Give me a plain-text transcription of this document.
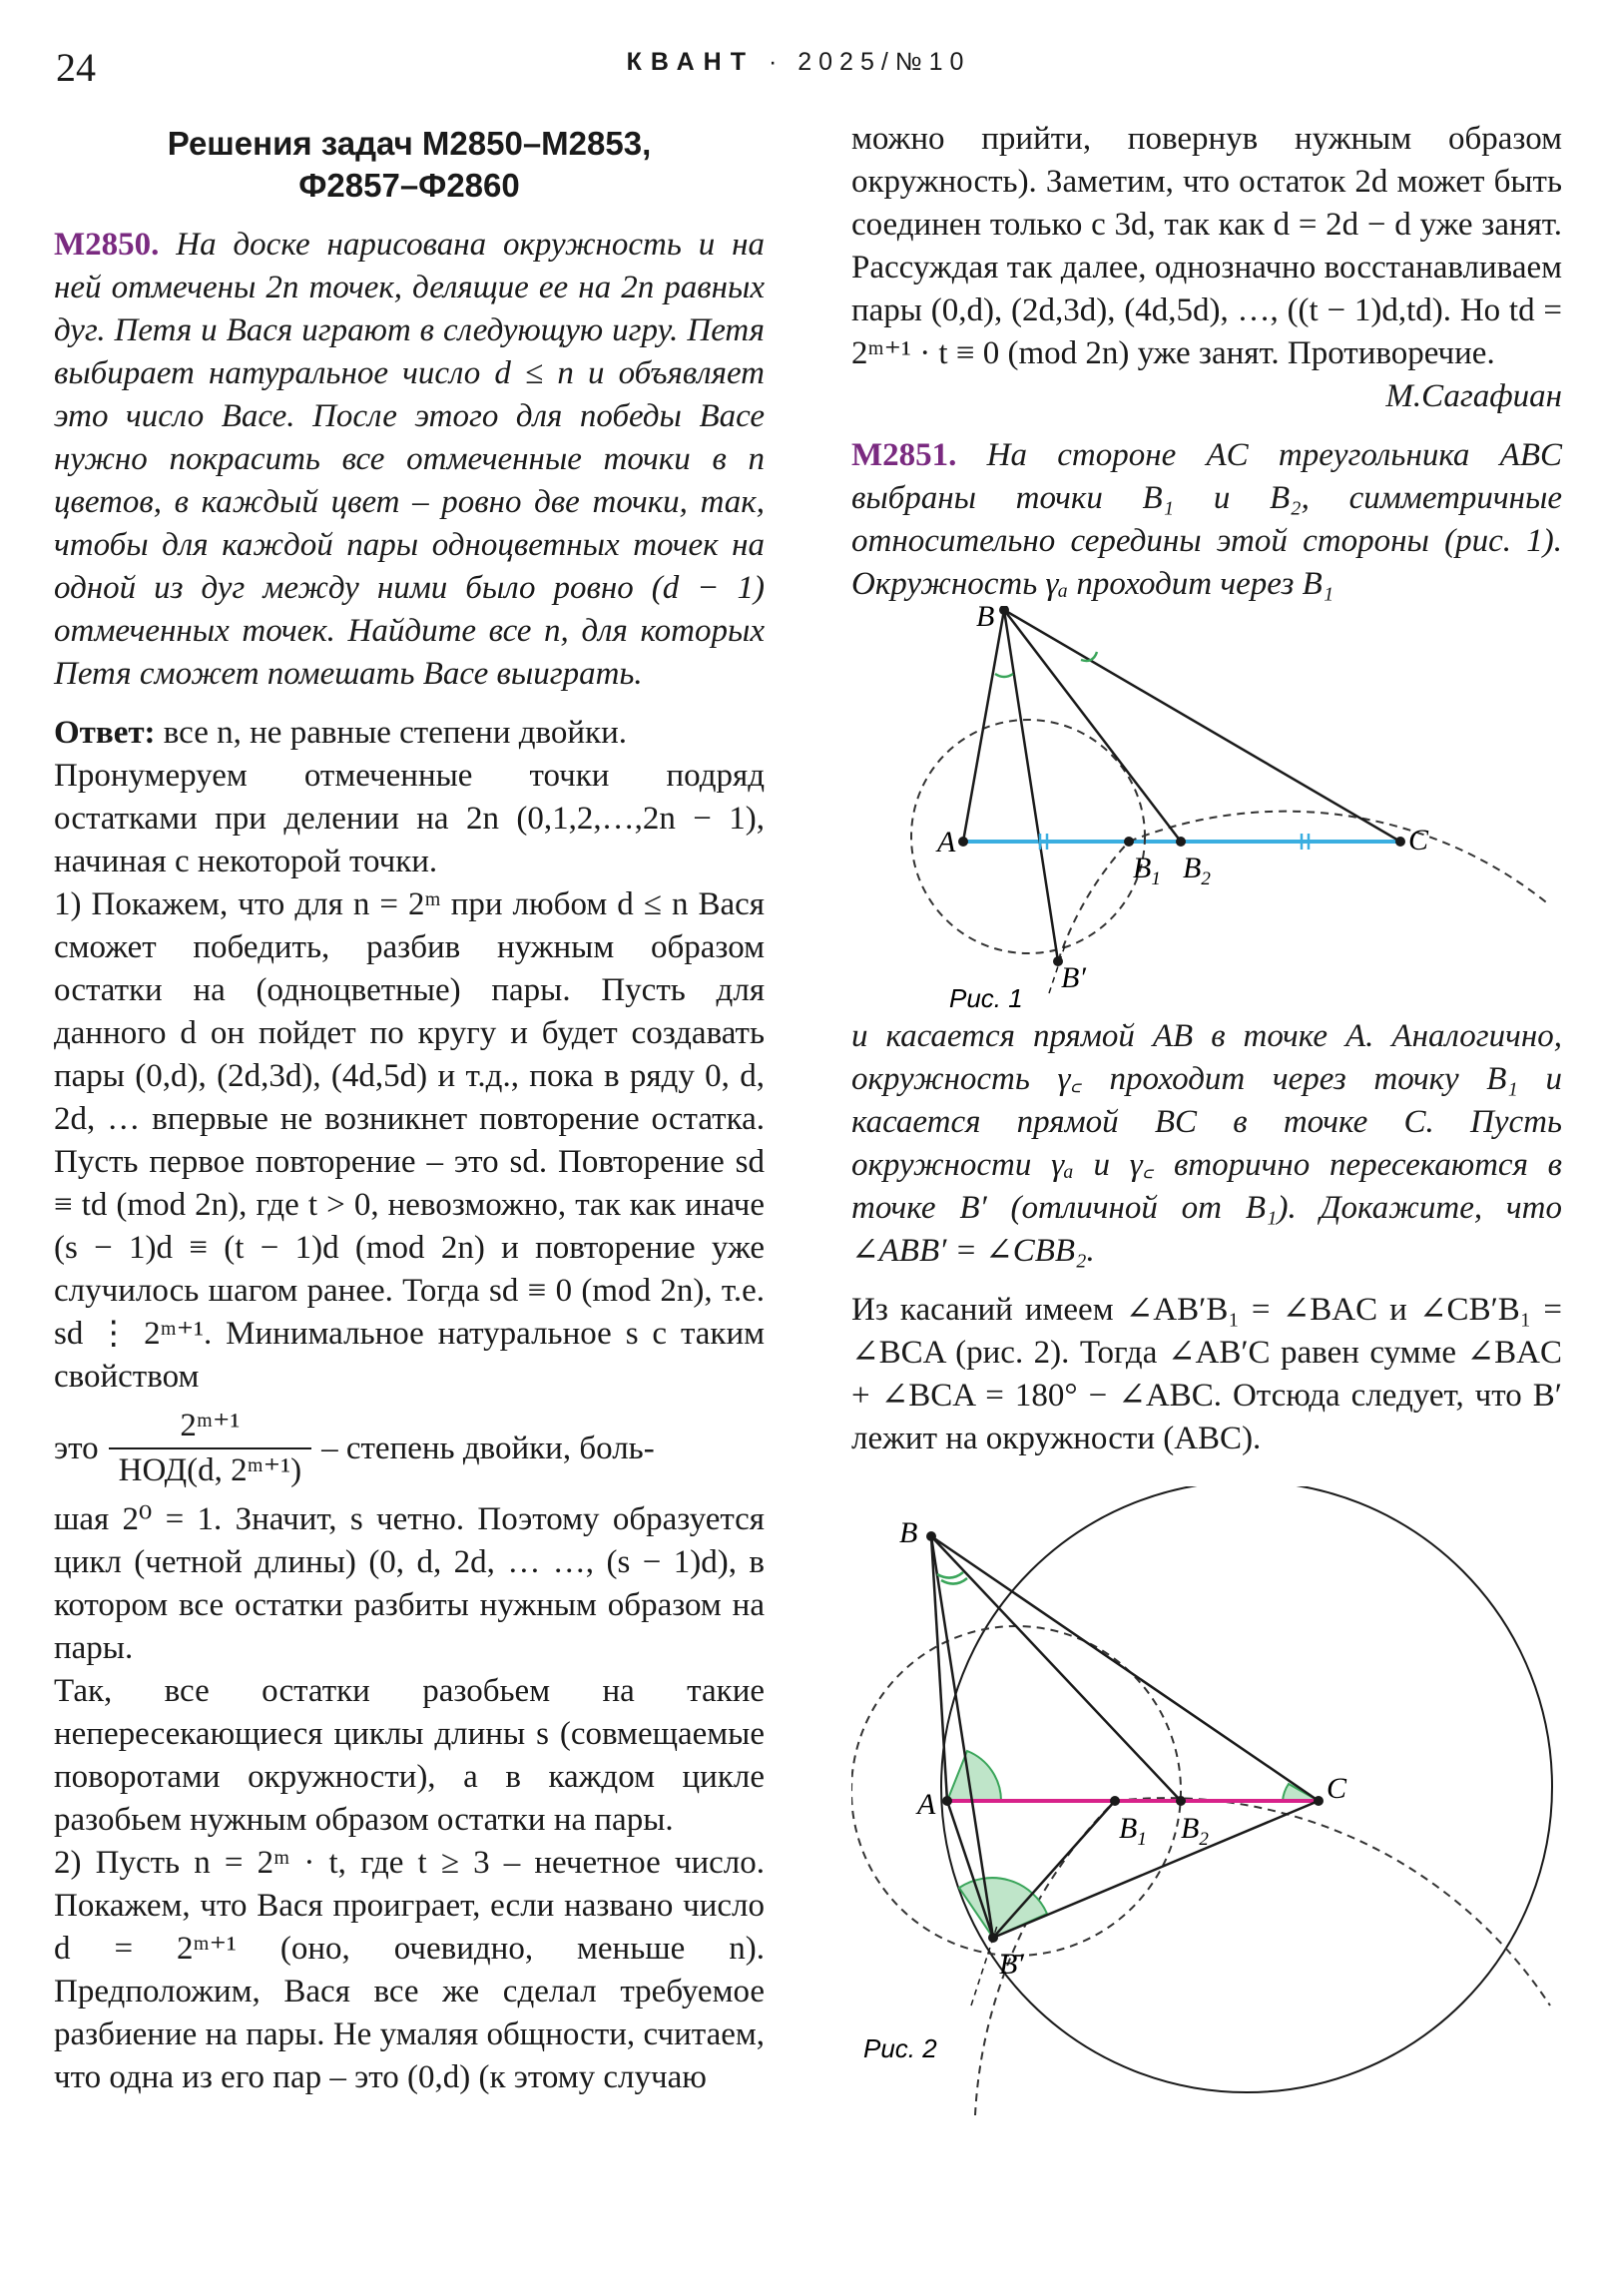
24	КВАНТ · 2025/№10

Решения задач М2850–М2853,
Ф2857–Ф2860

М2850. На доске нарисована окружность и на ней отмечены 2n точек, делящие ее на 2n равных дуг. Петя и Вася играют в следующую игру. Петя выбирает натуральное число d ≤ n и объявляет это число Васе. После этого для победы Васе нужно покрасить все отмеченные точки в n цветов, в каждый цвет – ровно две точки, так, чтобы для каждой пары одноцветных точек на одной из дуг между ними было ровно (d − 1) отмеченных точек. Найдите все n, для которых Петя сможет помешать Васе выиграть.

Ответ: все n, не равные степени двойки.

Пронумеруем отмеченные точки подряд остатками при делении на 2n (0,1,2,…,2n − 1), начиная с некоторой точки.

1) Покажем, что для n = 2ᵐ при любом d ≤ n Вася сможет победить, разбив нужным образом остатки на (одноцветные) пары. Пусть для данного d он пойдет по кругу и будет создавать пары (0,d), (2d,3d), (4d,5d) и т.д., пока в ряду 0, d, 2d, … впервые не возникнет повторение остатка. Пусть первое повторение – это sd. Повторение sd ≡ td (mod 2n), где t > 0, невозможно, так как иначе (s − 1)d ≡ (t − 1)d (mod 2n) и повторение уже случилось шагом ранее. Тогда sd ≡ 0 (mod 2n), т.е. sd ⋮ 2ᵐ⁺¹. Минимальное натуральное s с таким свойством

это $\frac{\text{2ᵐ⁺¹}}{\text{НОД(d, 2ᵐ⁺¹)}}$ – степень двойки, боль-

шая 2⁰ = 1. Значит, s четно. Поэтому образуется цикл (четной длины) (0, d, 2d, … …, (s − 1)d), в котором все остатки разбиты нужным образом на пары.

Так, все остатки разобьем на такие непересекающиеся циклы длины s (совмещаемые поворотами окружности), а в каждом цикле разобьем нужным образом остатки на пары.

2) Пусть n = 2ᵐ · t, где t ≥ 3 – нечетное число. Покажем, что Вася проиграет, если названо число d = 2ᵐ⁺¹ (оно, очевидно, меньше n). Предположим, Вася все же сделал требуемое разбиение на пары. Не умаляя общности, считаем, что одна из его пар – это (0,d) (к этому случаю

можно прийти, повернув нужным образом окружность). Заметим, что остаток 2d может быть соединен только с 3d, так как d = 2d − d уже занят. Рассуждая так далее, однозначно восстанавливаем пары (0,d), (2d,3d), (4d,5d), …, ((t − 1)d,td). Но td = 2ᵐ⁺¹ · t ≡ 0 (mod 2n) уже занят. Противоречие.

М.Сагафиан

М2851. На стороне AC треугольника ABC выбраны точки B₁ и B₂, симметричные относительно середины этой стороны (рис. 1). Окружность γₐ проходит через B₁

B
A	C
$B_1$ $B_2$
B′
Рис. 1

и касается прямой AB в точке A. Аналогично, окружность γ꜀ проходит через точку B₁ и касается прямой BC в точке C. Пусть окружности γₐ и γ꜀ вторично пересекаются в точке B′ (отличной от B₁). Докажите, что ∠ABB′ = ∠CBB₂.

Из касаний имеем ∠AB′B₁ = ∠BAC и ∠CB′B₁ = ∠BCA (рис. 2). Тогда ∠AB′C равен сумме ∠BAC + ∠BCA = 180° − ∠ABC. Отсюда следует, что B′ лежит на окружности (ABC).

B
A	C
$B_1$ $B_2$
B′
Рис. 2
